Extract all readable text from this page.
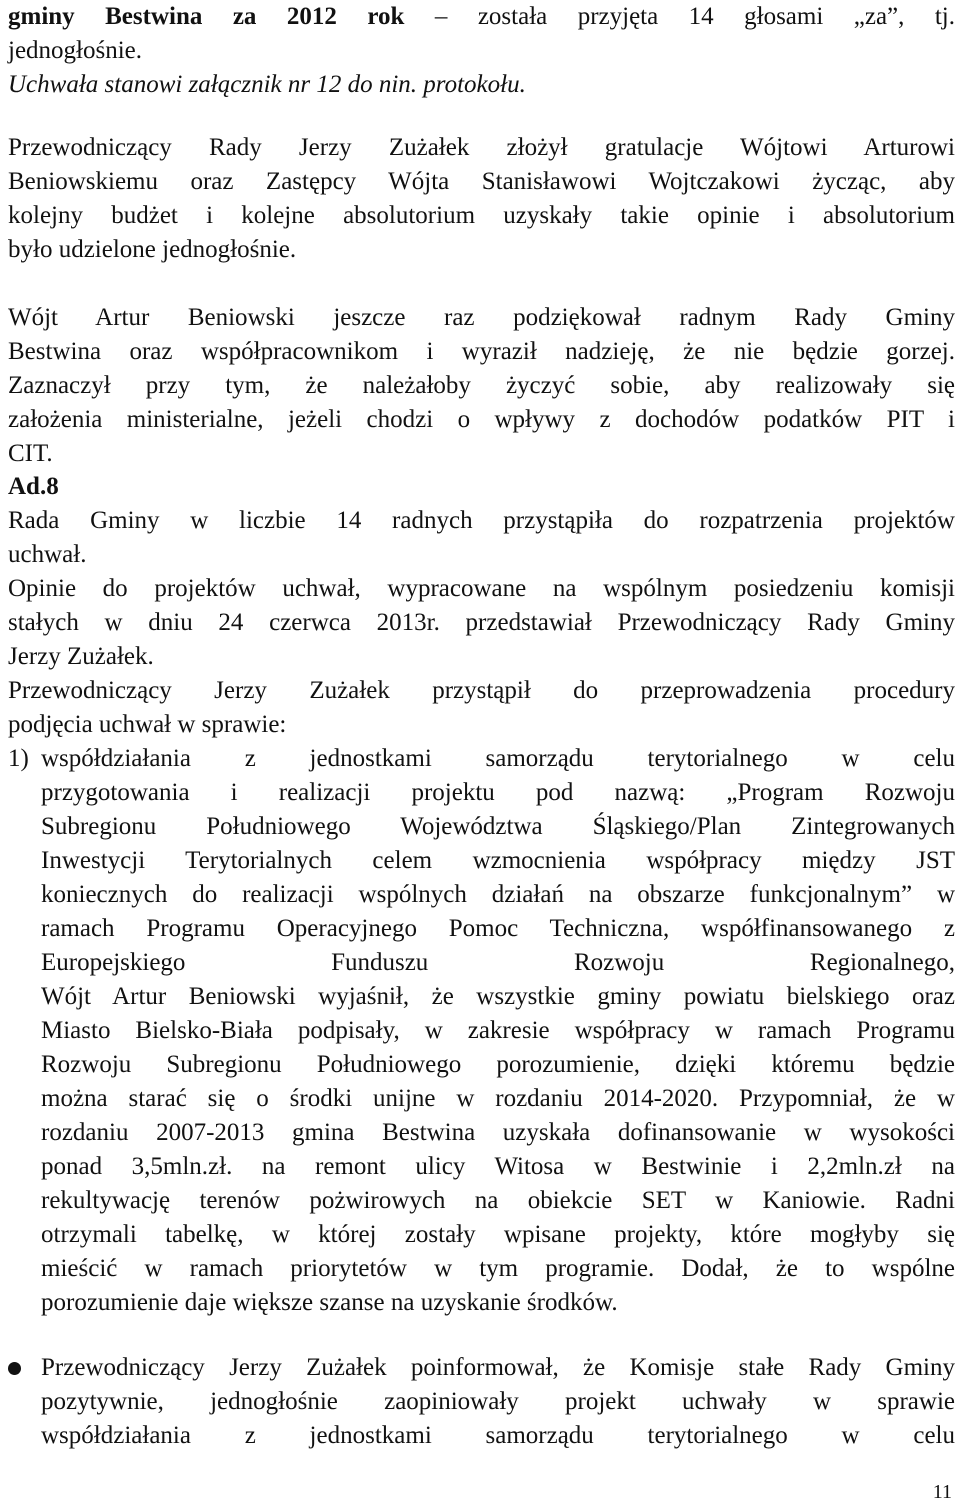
gminy Bestwina za 2012 rok – została przyjęta 14 głosami „za”, tj.
jednogłośnie.
Uchwała stanowi załącznik nr 12 do nin. protokołu.
Przewodniczący Rady Jerzy Zużałek złożył gratulacje Wójtowi Arturowi
Beniowskiemu oraz Zastępcy Wójta Stanisławowi Wojtczakowi życząc, aby
kolejny budżet i kolejne absolutorium uzyskały takie opinie i absolutorium
było udzielone jednogłośnie.
Wójt Artur Beniowski jeszcze raz podziękował radnym Rady Gminy
Bestwina oraz współpracownikom i wyraził nadzieję, że nie będzie gorzej.
Zaznaczył przy tym, że należałoby życzyć sobie, aby realizowały się
założenia ministerialne, jeżeli chodzi o wpływy z dochodów podatków PIT i
CIT.
Ad.8
Rada Gminy w liczbie 14 radnych przystąpiła do rozpatrzenia projektów
uchwał.
Opinie do projektów uchwał, wypracowane na wspólnym posiedzeniu komisji
stałych w dniu 24 czerwca 2013r. przedstawiał Przewodniczący Rady Gminy
Jerzy Zużałek.
Przewodniczący Jerzy Zużałek przystąpił do przeprowadzenia procedury
podjęcia uchwał w sprawie:
1) współdziałania z jednostkami samorządu terytorialnego w celu
przygotowania i realizacji projektu pod nazwą: „Program Rozwoju
Subregionu Południowego Województwa Śląskiego/Plan Zintegrowanych
Inwestycji Terytorialnych celem wzmocnienia współpracy między JST
koniecznych do realizacji wspólnych działań na obszarze funkcjonalnym” w
ramach Programu Operacyjnego Pomoc Techniczna, współfinansowanego z
Europejskiego Funduszu Rozwoju Regionalnego,
Wójt Artur Beniowski wyjaśnił, że wszystkie gminy powiatu bielskiego oraz
Miasto Bielsko-Biała podpisały, w zakresie współpracy w ramach Programu
Rozwoju Subregionu Południowego porozumienie, dzięki któremu będzie
można starać się o środki unijne w rozdaniu 2014-2020. Przypomniał, że w
rozdaniu 2007-2013 gmina Bestwina uzyskała dofinansowanie w wysokości
ponad 3,5mln.zł. na remont ulicy Witosa w Bestwinie i 2,2mln.zł na
rekultywację terenów pożwirowych na obiekcie SET w Kaniowie. Radni
otrzymali tabelkę, w której zostały wpisane projekty, które mogłyby się
mieścić w ramach priorytetów w tym programie. Dodał, że to wspólne
porozumienie daje większe szanse na uzyskanie środków.
Przewodniczący Jerzy Zużałek poinformował, że Komisje stałe Rady Gminy
pozytywnie, jednogłośnie zaopiniowały projekt uchwały w sprawie
współdziałania z jednostkami samorządu terytorialnego w celu
11
